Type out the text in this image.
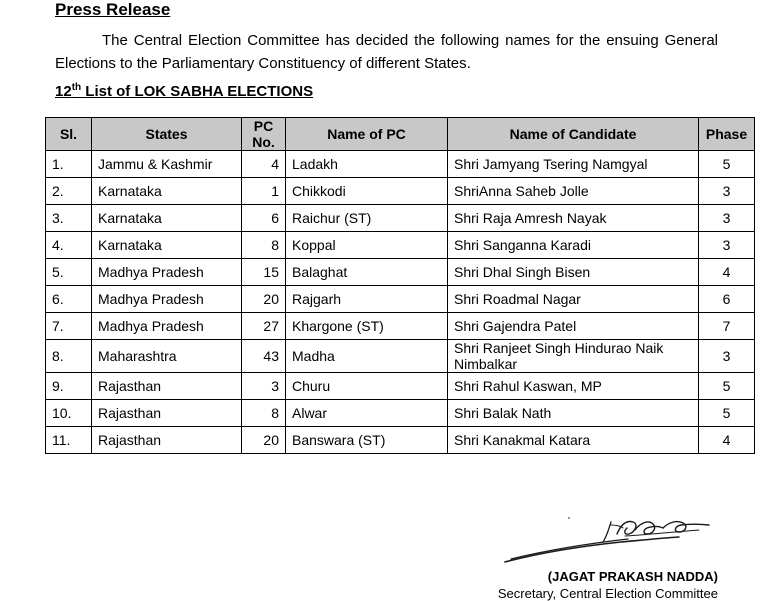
Press Release

The Central Election Committee has decided the following names for the ensuing General Elections to the Parliamentary Constituency of different States.

12th List of LOK SABHA ELECTIONS
Sl.	States	PC No.	Name of PC	Name of Candidate	Phase
1.	Jammu & Kashmir	4	Ladakh	Shri Jamyang Tsering Namgyal	5
2.	Karnataka	1	Chikkodi	ShriAnna Saheb Jolle	3
3.	Karnataka	6	Raichur (ST)	Shri Raja Amresh Nayak	3
4.	Karnataka	8	Koppal	Shri Sanganna Karadi	3
5.	Madhya Pradesh	15	Balaghat	Shri Dhal Singh Bisen	4
6.	Madhya Pradesh	20	Rajgarh	Shri Roadmal Nagar	6
7.	Madhya Pradesh	27	Khargone (ST)	Shri Gajendra Patel	7
8.	Maharashtra	43	Madha	Shri Ranjeet Singh Hindurao Naik Nimbalkar	3
9.	Rajasthan	3	Churu	Shri Rahul Kaswan, MP	5
10.	Rajasthan	8	Alwar	Shri Balak Nath	5
11.	Rajasthan	20	Banswara (ST)	Shri Kanakmal Katara	4

(JAGAT PRAKASH NADDA)

Secretary, Central Election Committee
